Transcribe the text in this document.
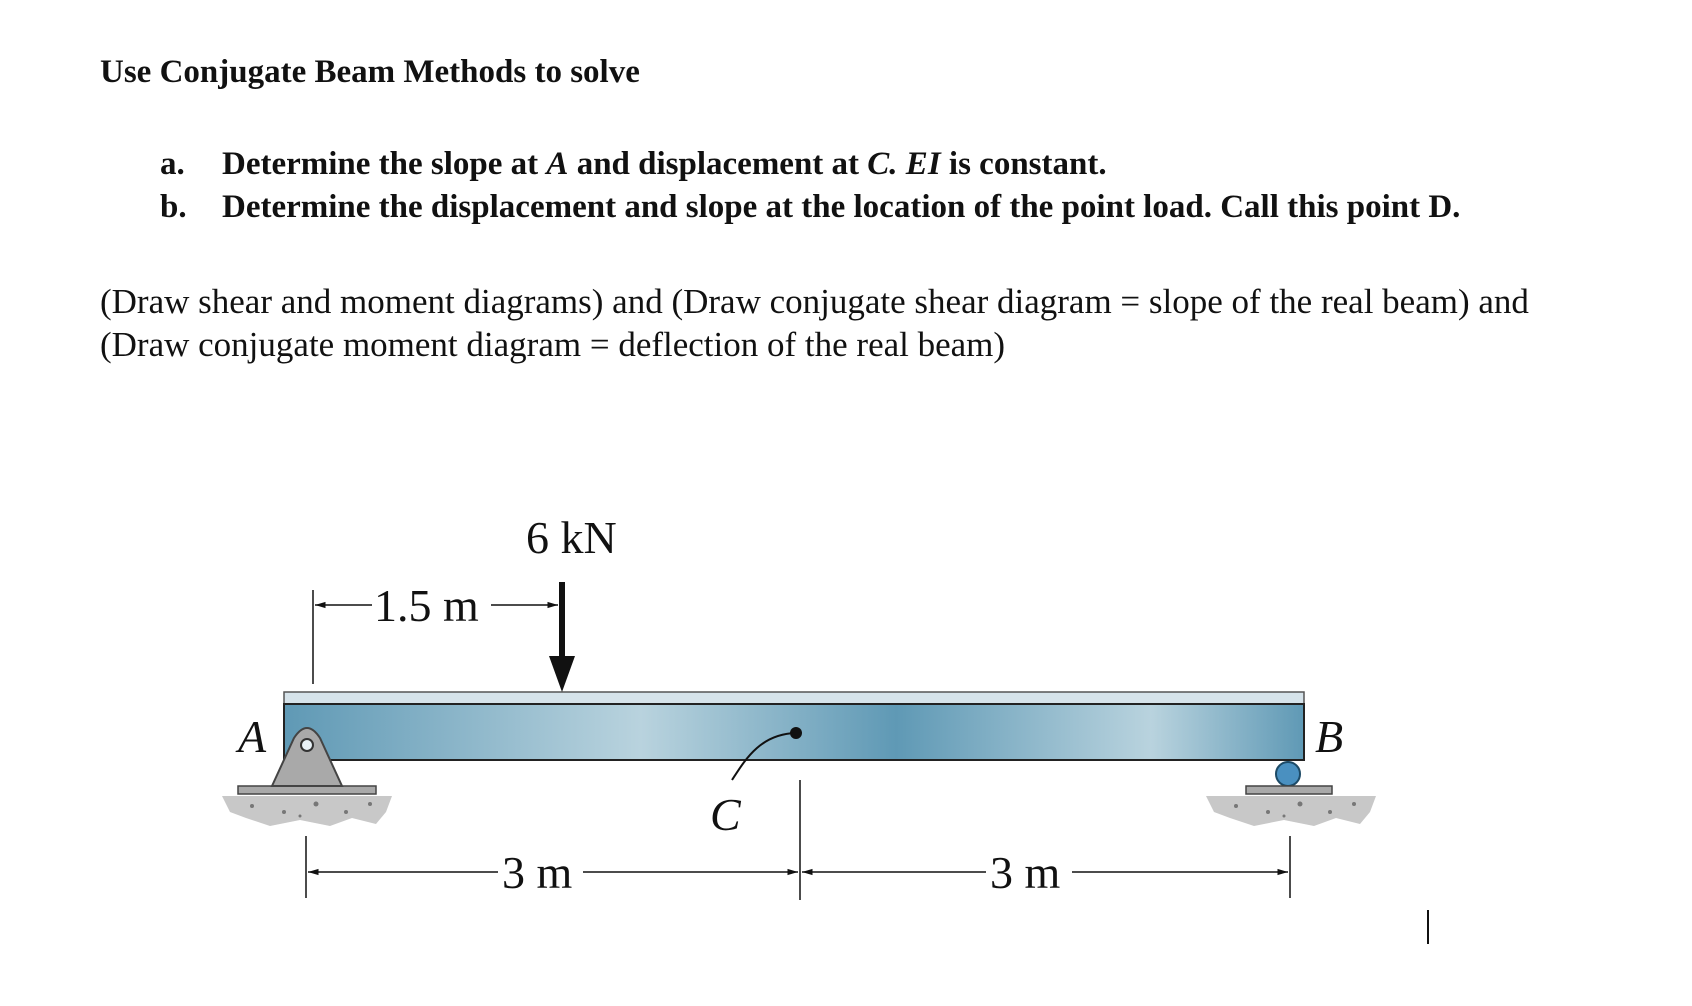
Use Conjugate Beam Methods to solve
a. Determine the slope at A and displacement at C. EI is constant.
b. Determine the displacement and slope at the location of the point load. Call this point D.
(Draw shear and moment diagrams) and (Draw conjugate shear diagram = slope of the real beam) and
(Draw conjugate moment diagram = deflection of the real beam)
6 kN
1.5 m
3 m	3 m
A	B
C
